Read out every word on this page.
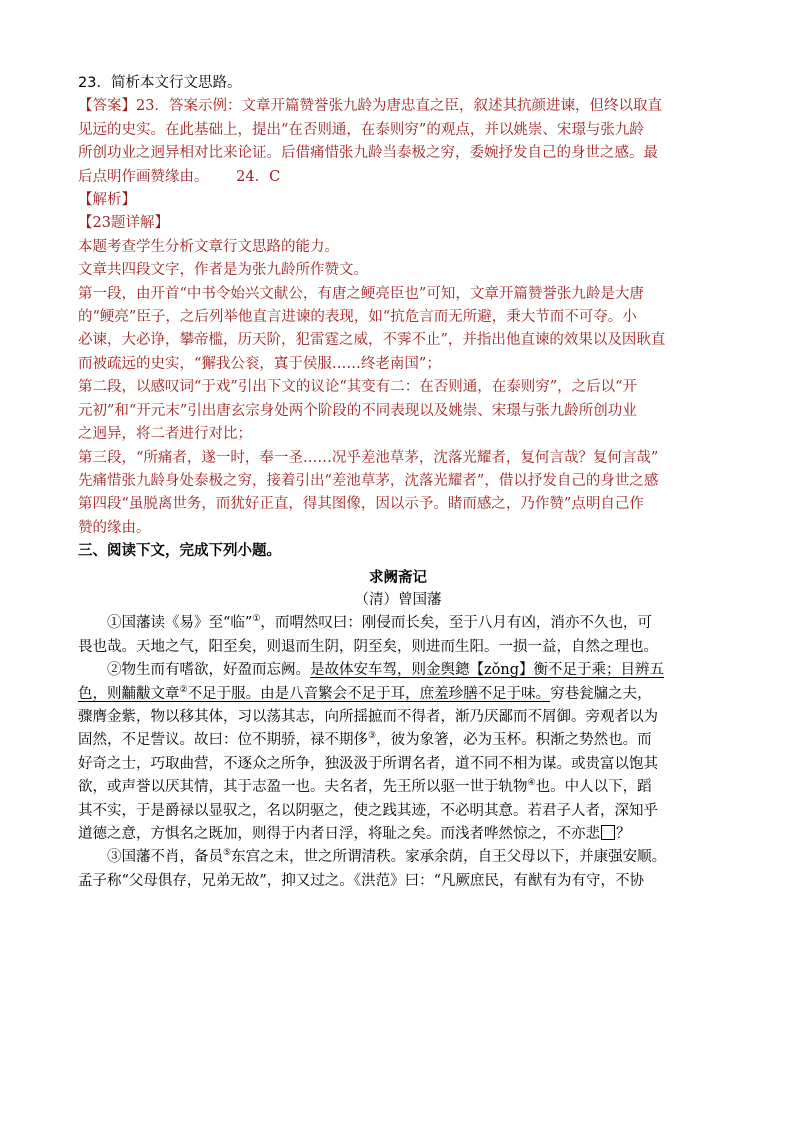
23．简析本文行文思路。
【答案】23．答案示例：文章开篇赞誉张九龄为唐忠直之臣，叙述其抗颜进谏，但终以取直
见远的史实。在此基础上，提出“在否则通，在泰则穷”的观点，并以姚崇、宋璟与张九龄
所创功业之迥异相对比来论证。后借痛惜张九龄当泰极之穷，委婉抒发自己的身世之感。最
后点明作画赞缘由。      24．C
【解析】
【23题详解】
本题考查学生分析文章行文思路的能力。
文章共四段文字，作者是为张九龄所作赞文。
第一段，由开首“中书令始兴文献公，有唐之鲠亮臣也”可知，文章开篇赞誉张九龄是大唐
的“鲠亮”臣子，之后列举他直言进谏的表现，如“抗危言而无所避，秉大节而不可夺。小
必谏，大必诤，攀帝槛，历天阶，犯雷霆之威，不霁不止”，并指出他直谏的效果以及因耿直
而被疏远的史实，“獬我公衮，寘于侯服……终老南国”；
第二段，以感叹词“于戏”引出下文的议论“其变有二：在否则通，在泰则穷”，之后以“开
元初”和“开元末”引出唐玄宗身处两个阶段的不同表现以及姚崇、宋璟与张九龄所创功业
之迥异，将二者进行对比；
第三段，“所痛者，遂一时，奉一圣……况乎差池草茅，沈落光耀者，复何言哉？复何言哉”
先痛惜张九龄身处泰极之穷，接着引出“差池草茅，沈落光耀者”，借以抒发自己的身世之感
第四段“虽脱离世务，而犹好正直，得其图像，因以示予。睹而感之，乃作赞”点明自己作
赞的缘由。
三、阅读下文，完成下列小题。
求阙斋记
（清）曾国藩
①国藩读《易》至“临”①，而喟然叹曰：刚侵而长矣，至于八月有凶，消亦不久也，可
畏也哉。天地之气，阳至矣，则退而生阴，阴至矣，则进而生阳。一损一益，自然之理也。
②物生而有嗜欲，好盈而忘阙。是故体安车驾，则金舆鏓【zǒng】衡不足于乘；目辨五
色，则黼黻文章②不足于服。由是八音繁会不足于耳，庶羞珍膳不足于味。穷巷瓮牖之夫，
骤膺金紫，物以移其体，习以荡其志，向所揺摭而不得者，渐乃厌鄙而不屑御。旁观者以为
固然，不足訾议。故曰：位不期骄，禄不期侈③，彼为象箸，必为玉杯。积渐之势然也。而
好奇之士，巧取曲营，不逐众之所争，独汲汲于所谓名者，道不同不相为谋。或贵富以饱其
欲，或声誉以厌其情，其于志盈一也。夫名者，先王所以驱一世于轨物④也。中人以下，蹈
其不实，于是爵禄以显驭之，名以阴驱之，使之践其迹，不必明其意。若君子人者，深知乎
道德之意，方惧名之既加，则得于内者日浮，将耻之矣。而浅者哗然惊之，不亦悲 ？
③国藩不肖，备员⑤东宫之末，世之所谓清秩。家承余荫，自王父母以下，并康强安顺。
孟子称“父母俱存，兄弟无故”，抑又过之。《洪范》曰：“凡厥庶民，有猷有为有守，不协
